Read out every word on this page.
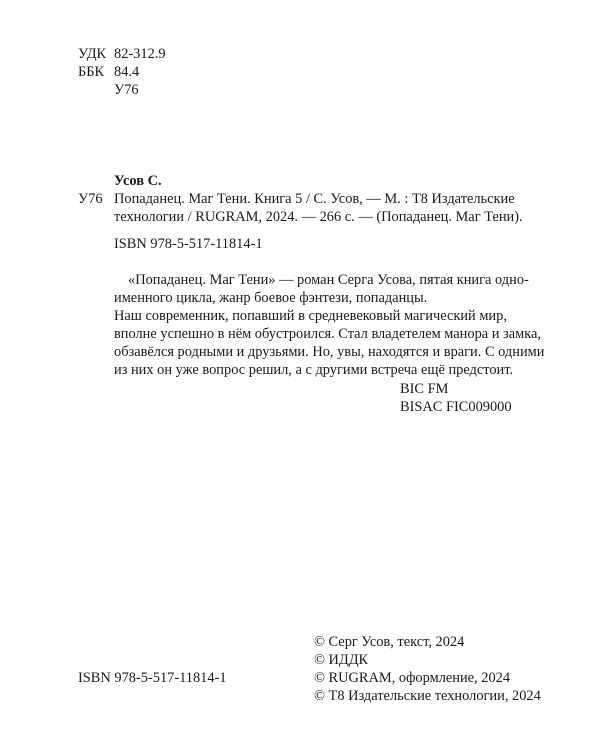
УДК 82-312.9
ББК 84.4
У76
Усов С.
У76 Попаданец. Маг Тени. Книга 5 / С. Усов, — М. : T8 Издательские
технологии / RUGRAM, 2024. — 266 с. — (Попаданец. Маг Тени).
ISBN 978-5-517-11814-1
«Попаданец. Маг Тени» — роман Серга Усова, пятая книга одно-
именного цикла, жанр боевое фэнтези, попаданцы.
Наш современник, попавший в средневековый магический мир,
вполне успешно в нём обустроился. Стал владетелем манора и замка,
обзавёлся родными и друзьями. Но, увы, находятся и враги. С одними
из них он уже вопрос решил, а с другими встреча ещё предстоит.
BIC FM
BISAC FIC009000
ISBN 978-5-517-11814-1
© Серг Усов, текст, 2024
© ИДДК
© RUGRAM, оформление, 2024
© Т8 Издательские технологии, 2024
